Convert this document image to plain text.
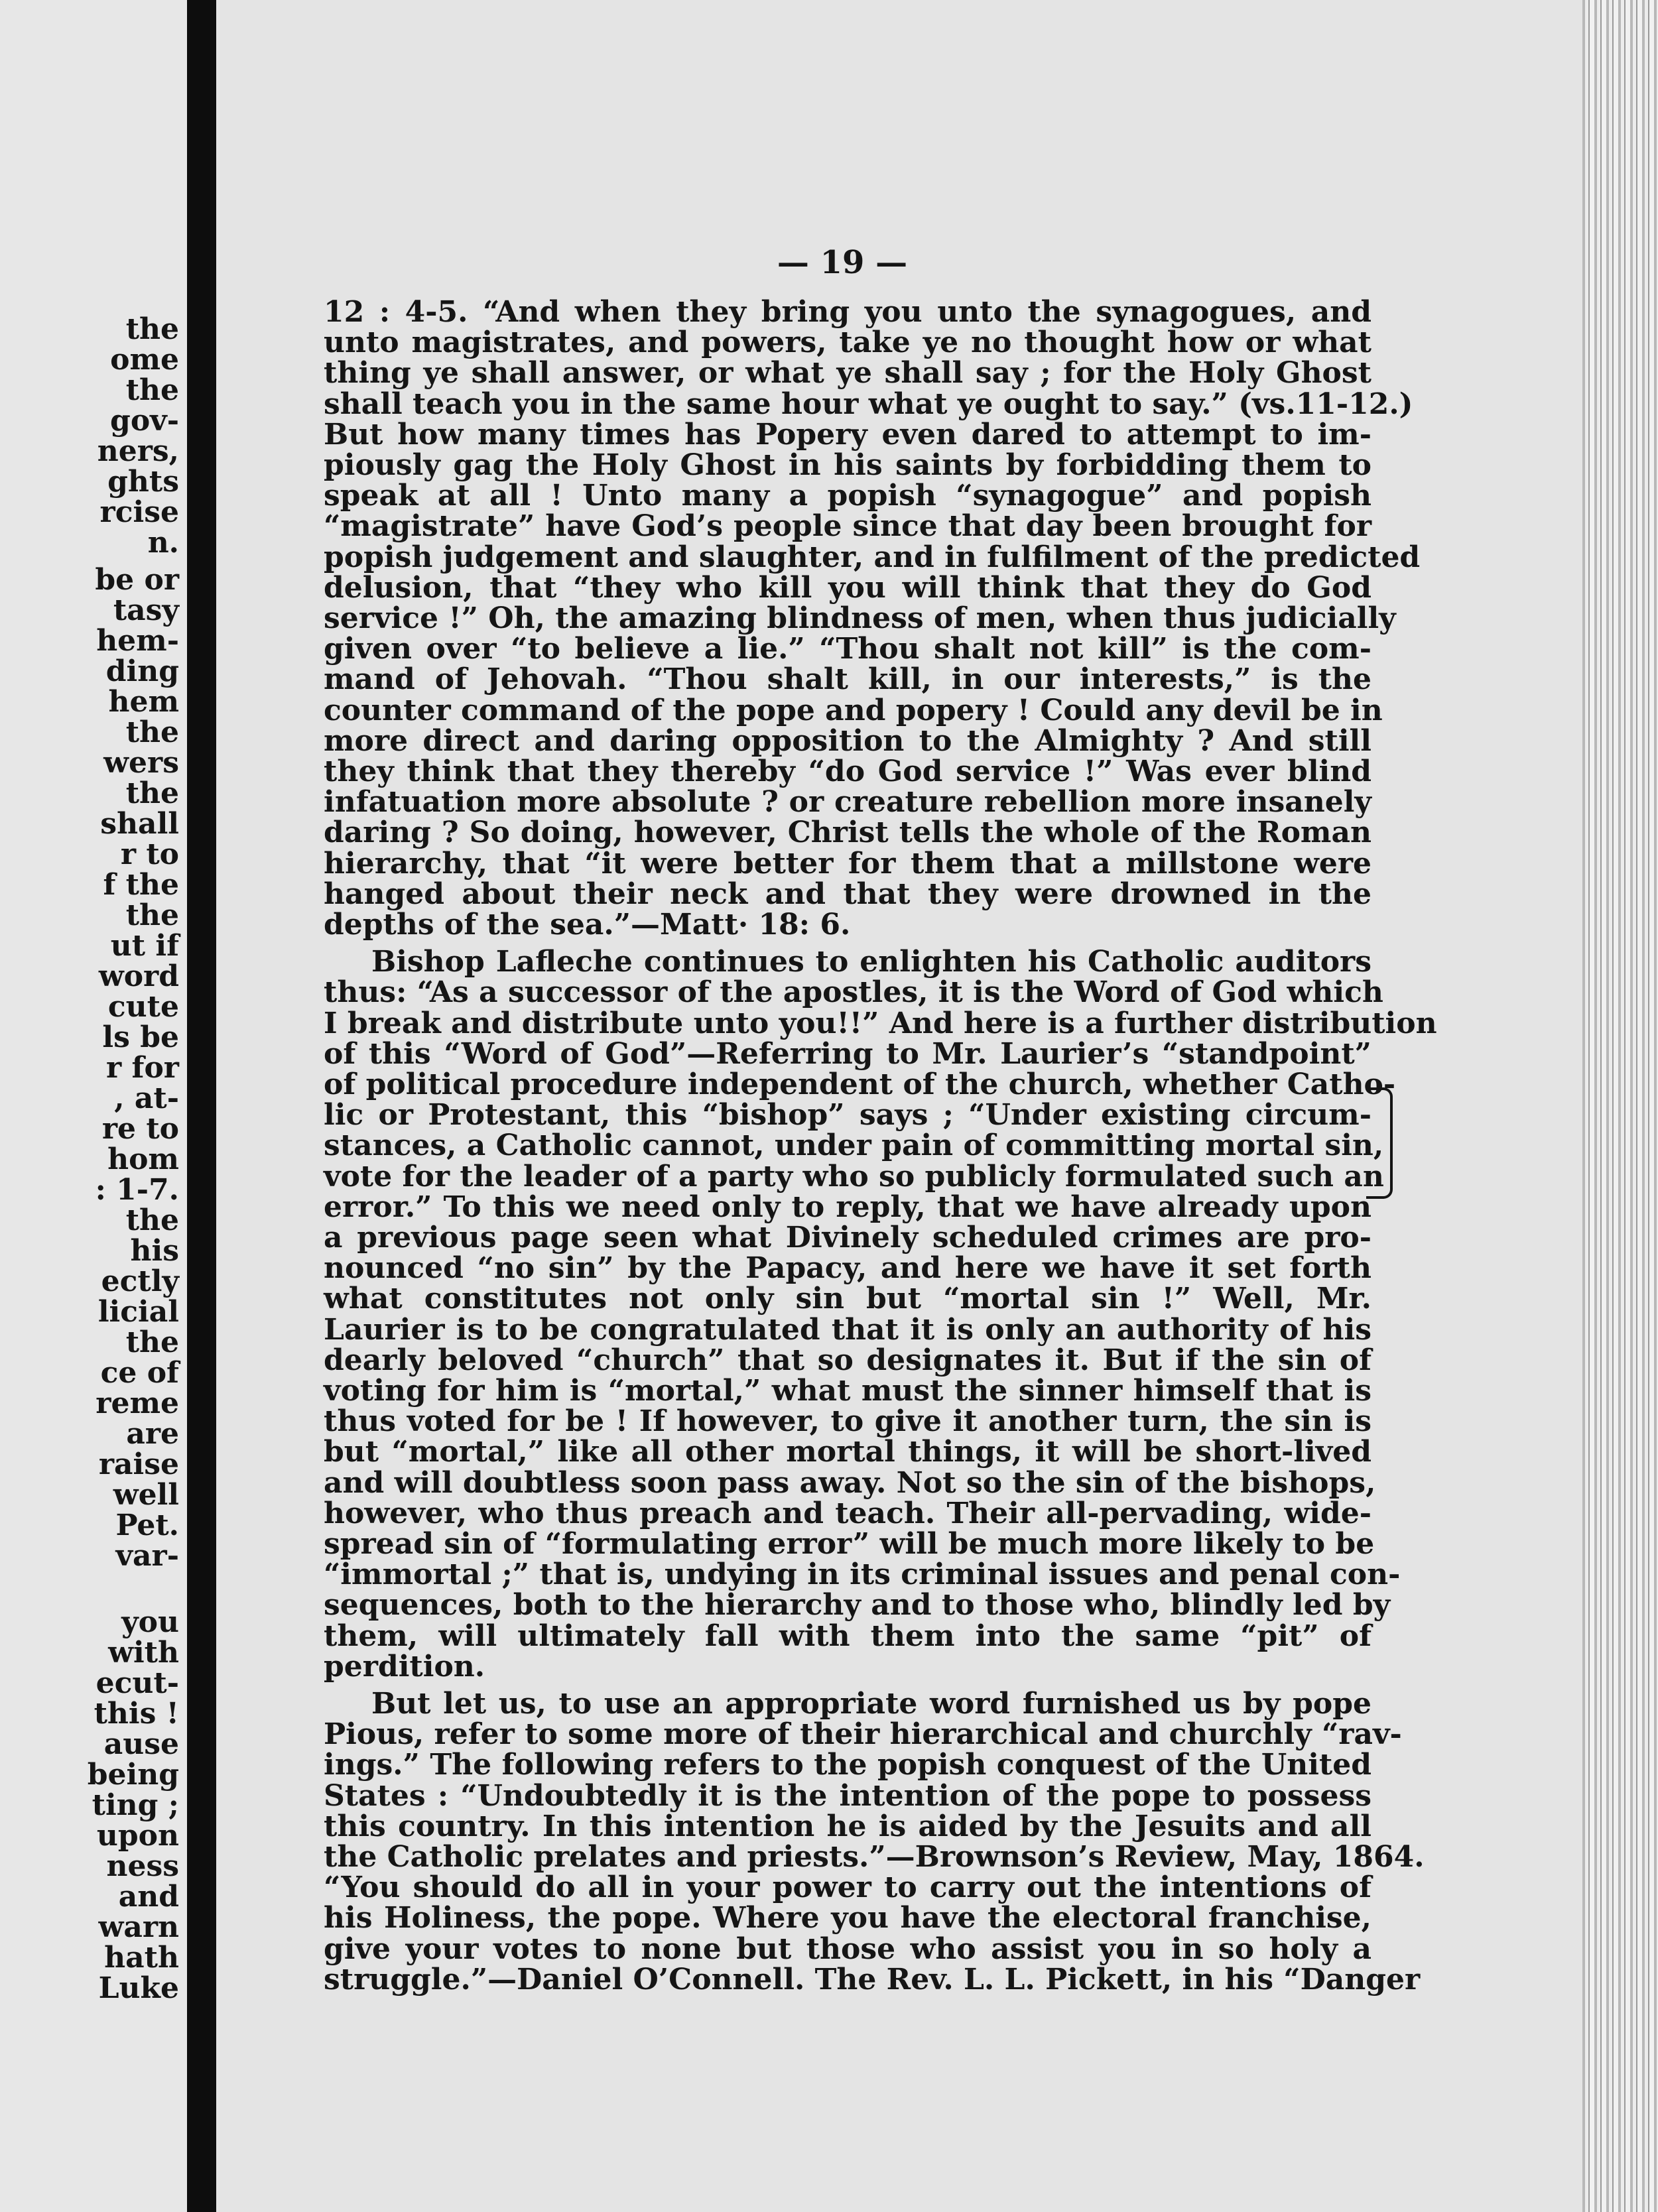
the
ome
the
gov-
ners,
ghts
rcise
n.
be or
tasy
hem-
ding
hem
the
wers
the
shall
r to
f the
the
ut if
word
cute
ls be
r for
, at-
re to
hom
: 1-7.
the
his
ectly
licial
the
ce of
reme
are
raise
well
Pet.
var-
you
with
ecut-
this !
ause
being
ting ;
upon
ness
and
warn
hath
Luke
— 19 —
12 : 4-5. “And when they bring you unto the synagogues, and
unto magistrates, and powers, take ye no thought how or what
thing ye shall answer, or what ye shall say ; for the Holy Ghost
shall teach you in the same hour what ye ought to say.” (vs.11-12.)
But how many times has Popery even dared to attempt to im-
piously gag the Holy Ghost in his saints by forbidding them to
speak at all ! Unto many a popish “synagogue” and popish
“magistrate” have God’s people since that day been brought for
popish judgement and slaughter, and in fulfilment of the predicted
delusion, that “they who kill you will think that they do God
service !” Oh, the amazing blindness of men, when thus judicially
given over “to believe a lie.” “Thou shalt not kill” is the com-
mand of Jehovah. “Thou shalt kill, in our interests,” is the
counter command of the pope and popery ! Could any devil be in
more direct and daring opposition to the Almighty ? And still
they think that they thereby “do God service !” Was ever blind
infatuation more absolute ? or creature rebellion more insanely
daring ? So doing, however, Christ tells the whole of the Roman
hierarchy, that “it were better for them that a millstone were
hanged about their neck and that they were drowned in the
depths of the sea.”—Matt· 18: 6.
Bishop Lafleche continues to enlighten his Catholic auditors
thus: “As a successor of the apostles, it is the Word of God which
I break and distribute unto you!!” And here is a further distribution
of this “Word of God”—Referring to Mr. Laurier’s “standpoint”
of political procedure independent of the church, whether Catho-
lic or Protestant, this “bishop” says ; “Under existing circum-
stances, a Catholic cannot, under pain of committing mortal sin,
vote for the leader of a party who so publicly formulated such an
error.” To this we need only to reply, that we have already upon
a previous page seen what Divinely scheduled crimes are pro-
nounced “no sin” by the Papacy, and here we have it set forth
what constitutes not only sin but “mortal sin !” Well, Mr.
Laurier is to be congratulated that it is only an authority of his
dearly beloved “church” that so designates it. But if the sin of
voting for him is “mortal,” what must the sinner himself that is
thus voted for be ! If however, to give it another turn, the sin is
but “mortal,” like all other mortal things, it will be short-lived
and will doubtless soon pass away. Not so the sin of the bishops,
however, who thus preach and teach. Their all-pervading, wide-
spread sin of “formulating error” will be much more likely to be
“immortal ;” that is, undying in its criminal issues and penal con-
sequences, both to the hierarchy and to those who, blindly led by
them, will ultimately fall with them into the same “pit” of
perdition.
But let us, to use an appropriate word furnished us by pope
Pious, refer to some more of their hierarchical and churchly “rav-
ings.” The following refers to the popish conquest of the United
States : “Undoubtedly it is the intention of the pope to possess
this country. In this intention he is aided by the Jesuits and all
the Catholic prelates and priests.”—Brownson’s Review, May, 1864.
“You should do all in your power to carry out the intentions of
his Holiness, the pope. Where you have the electoral franchise,
give your votes to none but those who assist you in so holy a
struggle.”—Daniel O’Connell. The Rev. L. L. Pickett, in his “Danger
